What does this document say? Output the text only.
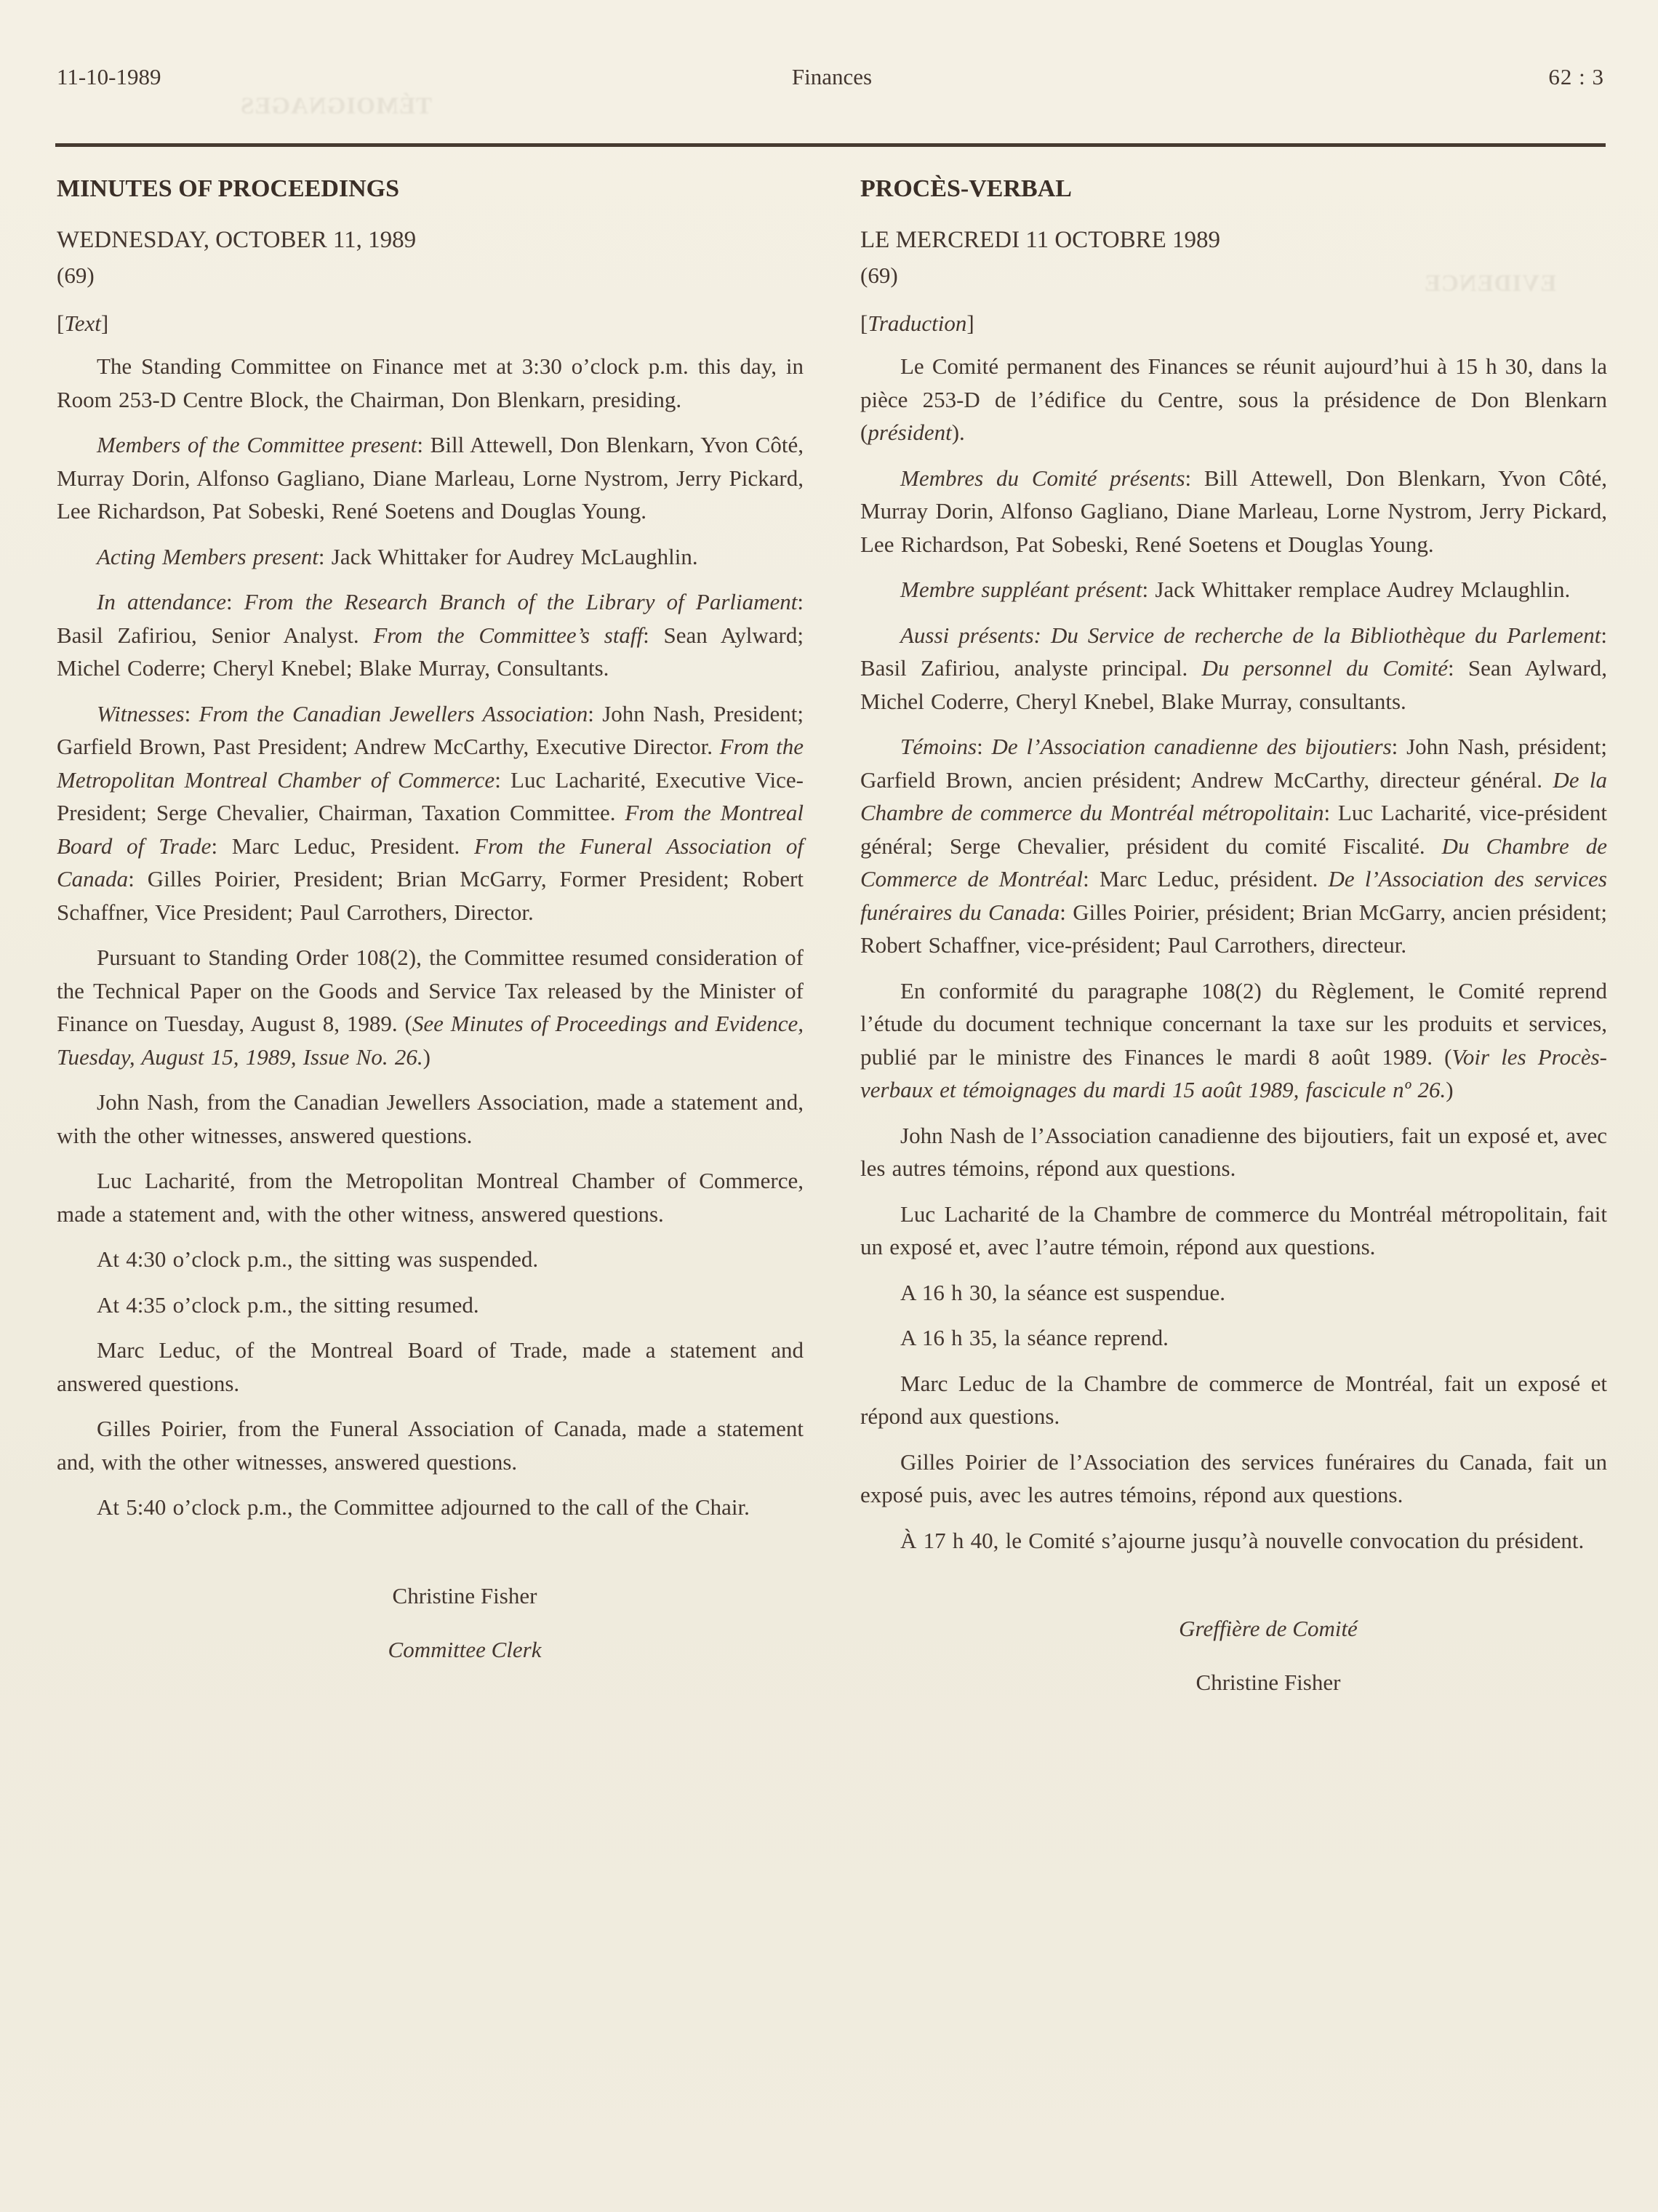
TÉMOIGNAGES
EVIDENCE
11-10-1989	Finances	62 : 3
MINUTES OF PROCEEDINGS
WEDNESDAY, OCTOBER 11, 1989
(69)
[Text]

The Standing Committee on Finance met at 3:30 o’clock p.m. this day, in Room 253-D Centre Block, the Chairman, Don Blenkarn, presiding.

Members of the Committee present: Bill Attewell, Don Blenkarn, Yvon Côté, Murray Dorin, Alfonso Gagliano, Diane Marleau, Lorne Nystrom, Jerry Pickard, Lee Richardson, Pat Sobeski, René Soetens and Douglas Young.

Acting Members present: Jack Whittaker for Audrey McLaughlin.

In attendance: From the Research Branch of the Library of Parliament: Basil Zafiriou, Senior Analyst. From the Committee’s staff: Sean Aylward; Michel Coderre; Cheryl Knebel; Blake Murray, Consultants.

Witnesses: From the Canadian Jewellers Association: John Nash, President; Garfield Brown, Past President; Andrew McCarthy, Executive Director. From the Metropolitan Montreal Chamber of Commerce: Luc Lacharité, Executive Vice-President; Serge Chevalier, Chairman, Taxation Committee. From the Montreal Board of Trade: Marc Leduc, President. From the Funeral Association of Canada: Gilles Poirier, President; Brian McGarry, Former President; Robert Schaffner, Vice President; Paul Carrothers, Director.

Pursuant to Standing Order 108(2), the Committee resumed consideration of the Technical Paper on the Goods and Service Tax released by the Minister of Finance on Tuesday, August 8, 1989. (See Minutes of Proceedings and Evidence, Tuesday, August 15, 1989, Issue No. 26.)

John Nash, from the Canadian Jewellers Association, made a statement and, with the other witnesses, answered questions.

Luc Lacharité, from the Metropolitan Montreal Chamber of Commerce, made a statement and, with the other witness, answered questions.

At 4:30 o’clock p.m., the sitting was suspended.

At 4:35 o’clock p.m., the sitting resumed.

Marc Leduc, of the Montreal Board of Trade, made a statement and answered questions.

Gilles Poirier, from the Funeral Association of Canada, made a statement and, with the other witnesses, answered questions.

At 5:40 o’clock p.m., the Committee adjourned to the call of the Chair.

Christine Fisher
Committee Clerk
PROCÈS-VERBAL
LE MERCREDI 11 OCTOBRE 1989
(69)
[Traduction]

Le Comité permanent des Finances se réunit aujourd’hui à 15 h 30, dans la pièce 253-D de l’édifice du Centre, sous la présidence de Don Blenkarn (président).

Membres du Comité présents: Bill Attewell, Don Blenkarn, Yvon Côté, Murray Dorin, Alfonso Gagliano, Diane Marleau, Lorne Nystrom, Jerry Pickard, Lee Richardson, Pat Sobeski, René Soetens et Douglas Young.

Membre suppléant présent: Jack Whittaker remplace Audrey Mclaughlin.

Aussi présents: Du Service de recherche de la Bibliothèque du Parlement: Basil Zafiriou, analyste principal. Du personnel du Comité: Sean Aylward, Michel Coderre, Cheryl Knebel, Blake Murray, consultants.

Témoins: De l’Association canadienne des bijoutiers: John Nash, président; Garfield Brown, ancien président; Andrew McCarthy, directeur général. De la Chambre de commerce du Montréal métropolitain: Luc Lacharité, vice-président général; Serge Chevalier, président du comité Fiscalité. Du Chambre de Commerce de Montréal: Marc Leduc, président. De l’Association des services funéraires du Canada: Gilles Poirier, président; Brian McGarry, ancien président; Robert Schaffner, vice-président; Paul Carrothers, directeur.

En conformité du paragraphe 108(2) du Règlement, le Comité reprend l’étude du document technique concernant la taxe sur les produits et services, publié par le ministre des Finances le mardi 8 août 1989. (Voir les Procès-verbaux et témoignages du mardi 15 août 1989, fascicule nº 26.)

John Nash de l’Association canadienne des bijoutiers, fait un exposé et, avec les autres témoins, répond aux questions.

Luc Lacharité de la Chambre de commerce du Montréal métropolitain, fait un exposé et, avec l’autre témoin, répond aux questions.

A 16 h 30, la séance est suspendue.

A 16 h 35, la séance reprend.

Marc Leduc de la Chambre de commerce de Montréal, fait un exposé et répond aux questions.

Gilles Poirier de l’Association des services funéraires du Canada, fait un exposé puis, avec les autres témoins, répond aux questions.

À 17 h 40, le Comité s’ajourne jusqu’à nouvelle convocation du président.

Greffière de Comité
Christine Fisher
